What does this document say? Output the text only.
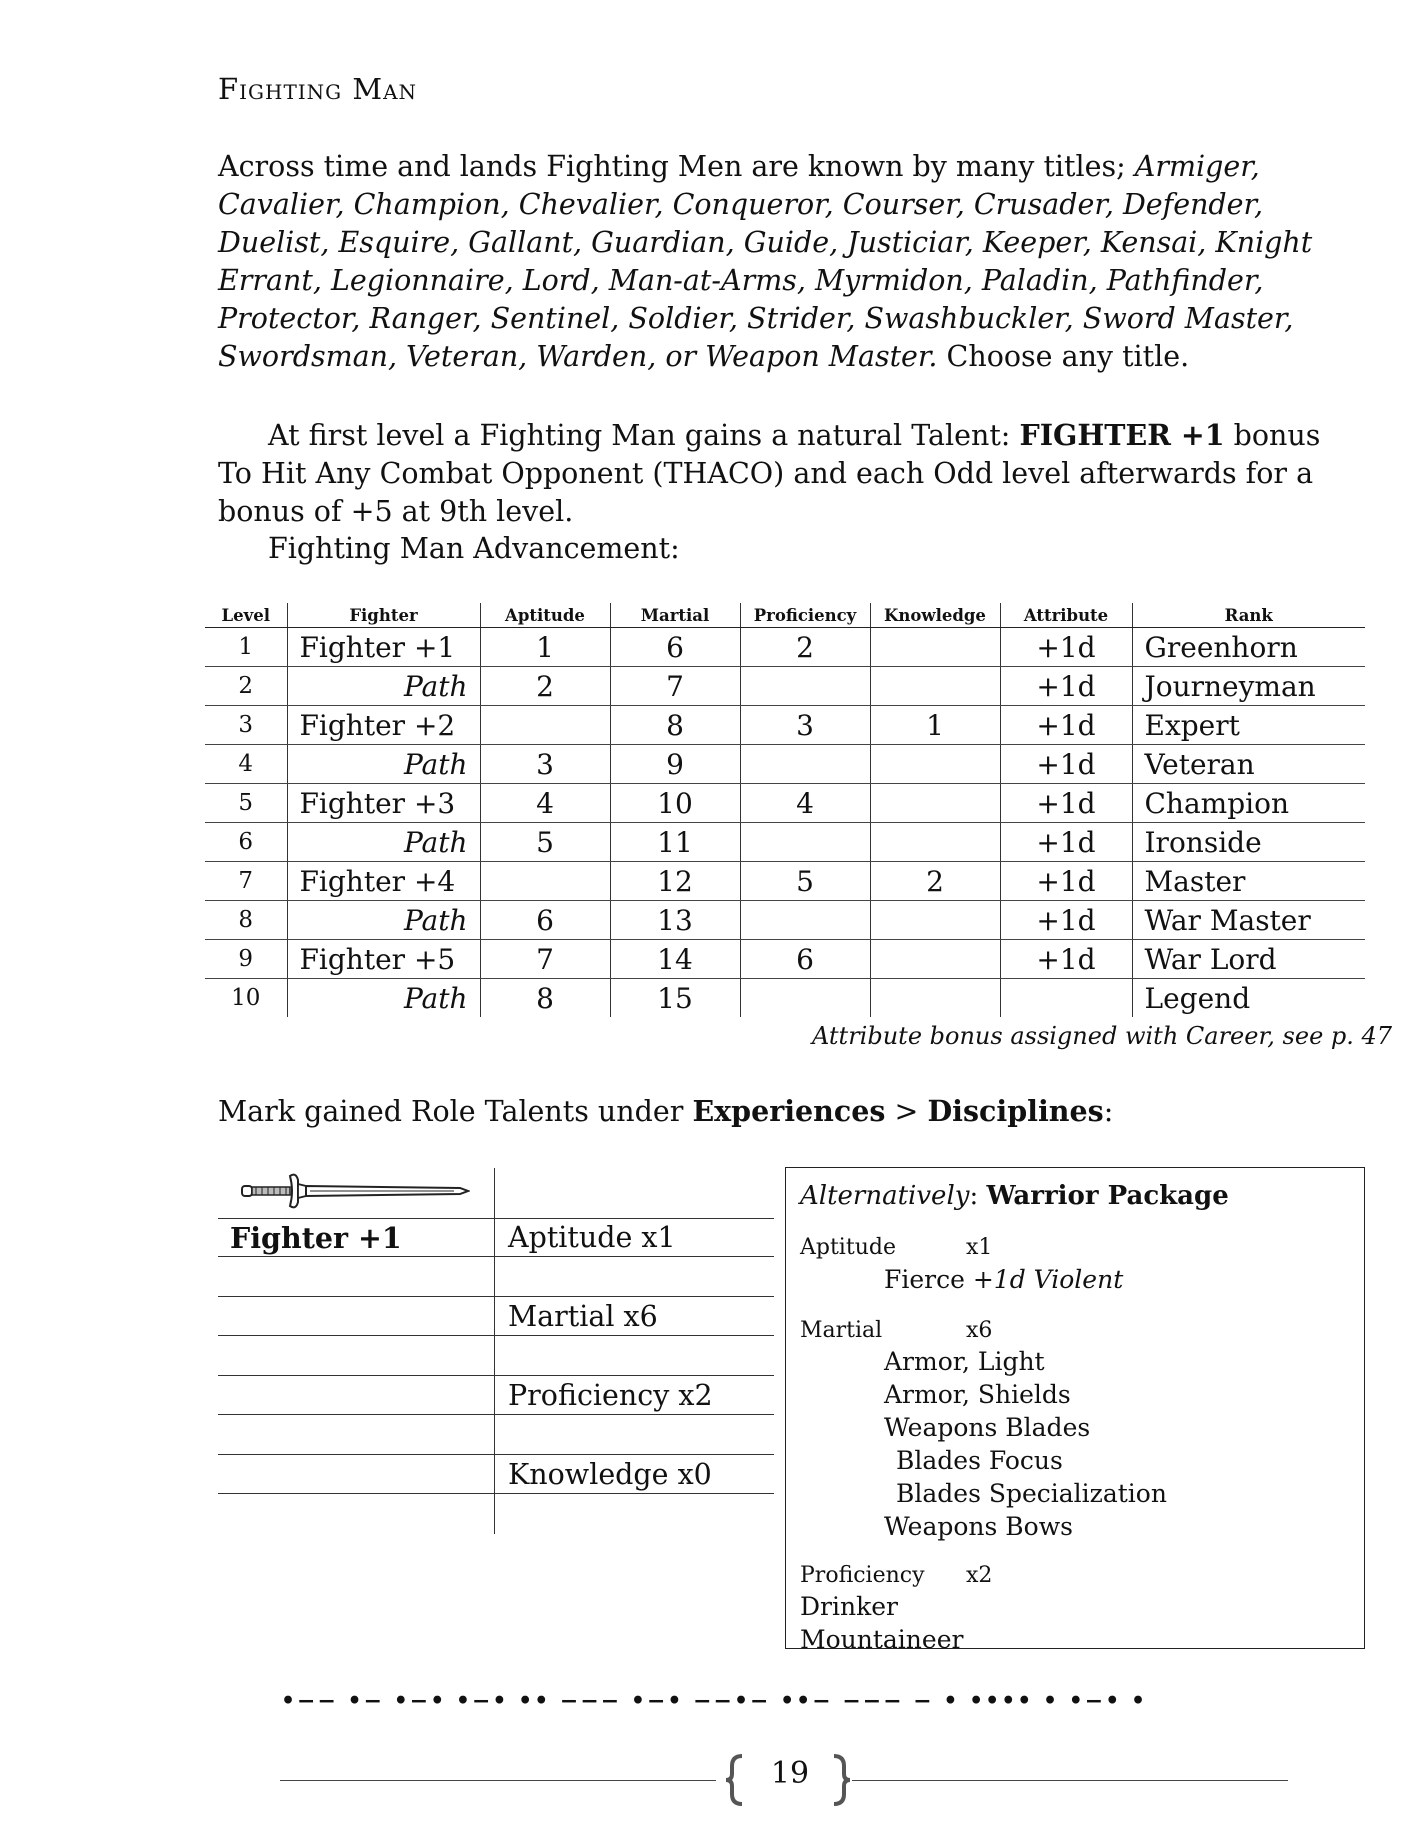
Fighting Man
Across time and lands Fighting Men are known by many titles; Armiger, Cavalier, Champion, Chevalier, Conqueror, Courser, Crusader, Defender, Duelist, Esquire, Gallant, Guardian, Guide, Justiciar, Keeper, Kensai, Knight Errant, Legionnaire, Lord, Man-at-Arms, Myrmidon, Paladin, Pathfinder, Protector, Ranger, Sentinel, Soldier, Strider, Swashbuckler, Sword Master, Swordsman, Veteran, Warden, or Weapon Master. Choose any title.
At first level a Fighting Man gains a natural Talent: FIGHTER +1 bonus To Hit Any Combat Opponent (THACO) and each Odd level afterwards for a bonus of +5 at 9th level.
Fighting Man Advancement:
Level	Fighter	Aptitude	Martial	Proficiency	Knowledge	Attribute	Rank
1	Fighter +1	1	6	2		+1d	Greenhorn
2	Path	2	7			+1d	Journeyman
3	Fighter +2		8	3	1	+1d	Expert
4	Path	3	9			+1d	Veteran
5	Fighter +3	4	10	4		+1d	Champion
6	Path	5	11			+1d	Ironside
7	Fighter +4		12	5	2	+1d	Master
8	Path	6	13			+1d	War Master
9	Fighter +5	7	14	6		+1d	War Lord
10	Path	8	15				Legend
Attribute bonus assigned with Career, see p. 47
Mark gained Role Talents under Experiences > Disciplines:
Fighter +1	Aptitude x1
Martial x6
Proficiency x2
Knowledge x0
Alternatively: Warrior Package
Aptitude	x1
Fierce +1d Violent
Martial	x6
Armor, Light
Armor, Shields
Weapons Blades
Blades Focus
Blades Specialization
Weapons Bows
Proficiency x2
Drinker
Mountaineer
•−− •− •−• •−• •• −−− •−• −−•− ••− −−− − • •••• • •−• •
19
